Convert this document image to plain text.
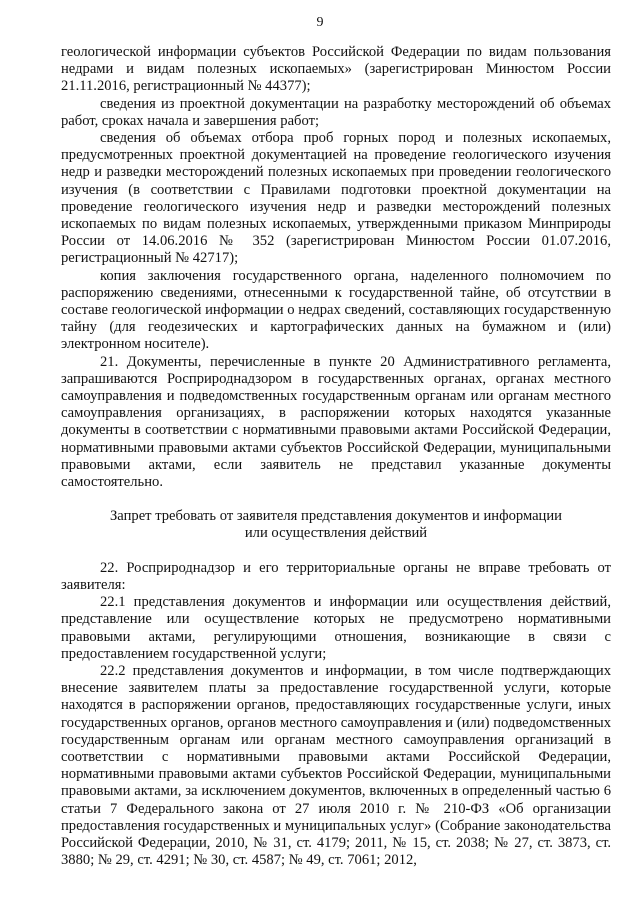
9

геологической информации субъектов Российской Федерации по видам пользования недрами и видам полезных ископаемых» (зарегистрирован Минюстом России 21.11.2016, регистрационный № 44377);

сведения из проектной документации на разработку месторождений об объемах работ, сроках начала и завершения работ;

сведения об объемах отбора проб горных пород и полезных ископаемых, предусмотренных проектной документацией на проведение геологического изучения недр и разведки месторождений полезных ископаемых при проведении геологического изучения (в соответствии с Правилами подготовки проектной документации на проведение геологического изучения недр и разведки месторождений полезных ископаемых по видам полезных ископаемых, утвержденными приказом Минприроды России от 14.06.2016 № 352 (зарегистрирован Минюстом России 01.07.2016, регистрационный № 42717);

копия заключения государственного органа, наделенного полномочием по распоряжению сведениями, отнесенными к государственной тайне, об отсутствии в составе геологической информации о недрах сведений, составляющих государственную тайну (для геодезических и картографических данных на бумажном и (или) электронном носителе).

21. Документы, перечисленные в пункте 20 Административного регламента, запрашиваются Росприроднадзором в государственных органах, органах местного самоуправления и подведомственных государственным органам или органам местного самоуправления организациях, в распоряжении которых находятся указанные документы в соответствии с нормативными правовыми актами Российской Федерации, нормативными правовыми актами субъектов Российской Федерации, муниципальными правовыми актами, если заявитель не представил указанные документы самостоятельно.

Запрет требовать от заявителя представления документов и информации или осуществления действий

22. Росприроднадзор и его территориальные органы не вправе требовать от заявителя:

22.1 представления документов и информации или осуществления действий, представление или осуществление которых не предусмотрено нормативными правовыми актами, регулирующими отношения, возникающие в связи с предоставлением государственной услуги;

22.2 представления документов и информации, в том числе подтверждающих внесение заявителем платы за предоставление государственной услуги, которые находятся в распоряжении органов, предоставляющих государственные услуги, иных государственных органов, органов местного самоуправления и (или) подведомственных государственным органам или органам местного самоуправления организаций в соответствии с нормативными правовыми актами Российской Федерации, нормативными правовыми актами субъектов Российской Федерации, муниципальными правовыми актами, за исключением документов, включенных в определенный частью 6 статьи 7 Федерального закона от 27 июля 2010 г. № 210-ФЗ «Об организации предоставления государственных и муниципальных услуг» (Собрание законодательства Российской Федерации, 2010, № 31, ст. 4179; 2011, № 15, ст. 2038; № 27, ст. 3873, ст. 3880; № 29, ст. 4291; № 30, ст. 4587; № 49, ст. 7061; 2012,
